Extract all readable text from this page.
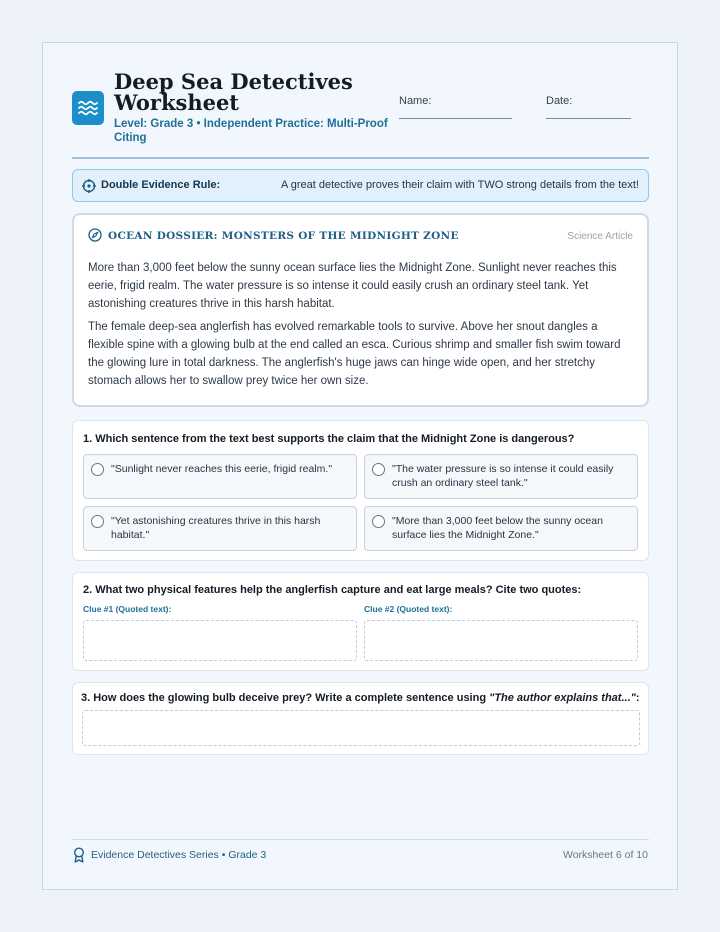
Deep Sea Detectives
Worksheet
Level: Grade 3 • Independent Practice: Multi-Proof Citing
Name:	Date:
Double Evidence Rule:	A great detective proves their claim with TWO strong details from the text!
OCEAN DOSSIER: MONSTERS OF THE MIDNIGHT ZONE	Science Article
More than 3,000 feet below the sunny ocean surface lies the Midnight Zone. Sunlight never reaches this eerie, frigid realm. The water pressure is so intense it could easily crush an ordinary steel tank. Yet astonishing creatures thrive in this harsh habitat.
The female deep-sea anglerfish has evolved remarkable tools to survive. Above her snout dangles a flexible spine with a glowing bulb at the end called an esca. Curious shrimp and smaller fish swim toward the glowing lure in total darkness. The anglerfish's huge jaws can hinge wide open, and her stretchy stomach allows her to swallow prey twice her own size.
1. Which sentence from the text best supports the claim that the Midnight Zone is dangerous?
"Sunlight never reaches this eerie, frigid realm."	"The water pressure is so intense it could easily crush an ordinary steel tank."
"Yet astonishing creatures thrive in this harsh habitat."
"More than 3,000 feet below the sunny ocean surface lies the Midnight Zone."
2. What two physical features help the anglerfish capture and eat large meals? Cite two quotes:
Clue #1 (Quoted text):	Clue #2 (Quoted text):
3. How does the glowing bulb deceive prey? Write a complete sentence using "The author explains that...":
Evidence Detectives Series • Grade 3	Worksheet 6 of 10
